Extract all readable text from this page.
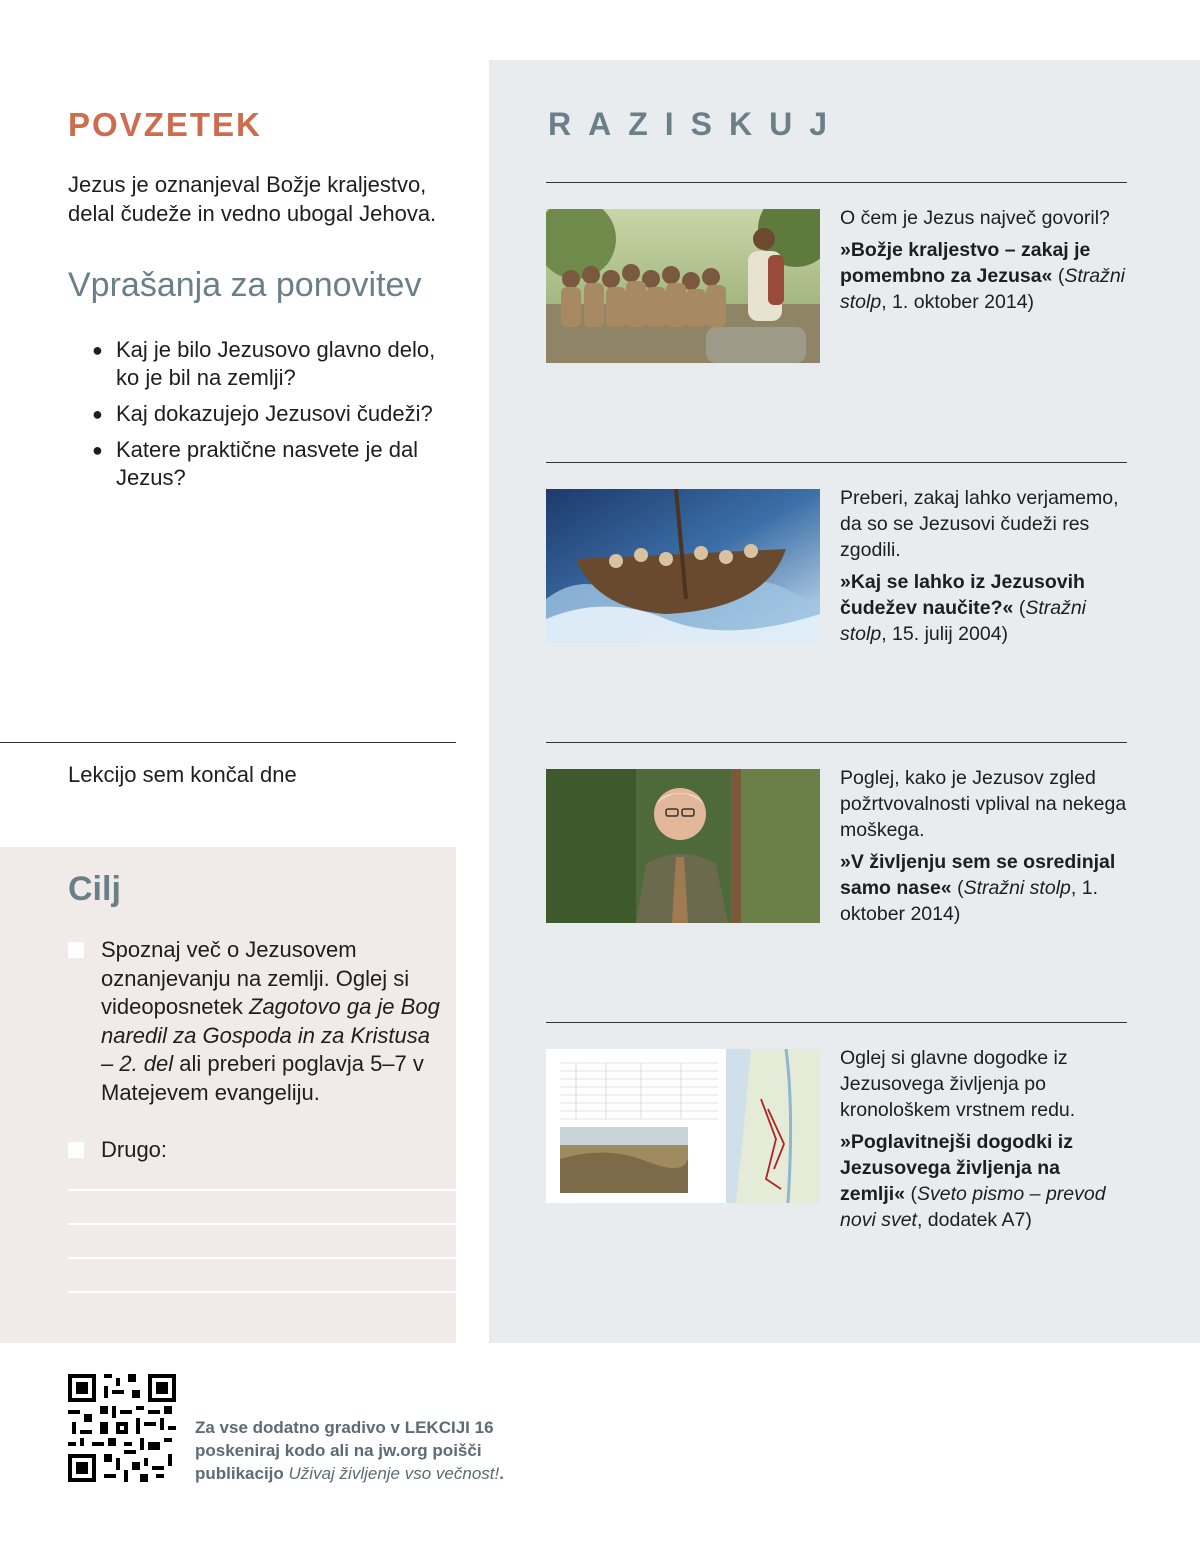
POVZETEK
Jezus je oznanjeval Božje kraljestvo,
delal čudeže in vedno ubogal Jehova.
Vprašanja za ponovitev
● Kaj je bilo Jezusovo glavno delo, ko je bil na zemlji?
● Kaj dokazujejo Jezusovi čudeži?
● Katere praktične nasvete je dal Jezus?
Lekcijo sem končal dne
Cilj
Spoznaj več o Jezusovem oznanjevanju na zemlji. Oglej si videoposnetek Zagotovo ga je Bog naredil za Gospoda in za Kristusa – 2. del ali preberi poglavja 5–7 v Matejevem evangeliju.
Drugo:
RAZISKUJ
O čem je Jezus največ govoril?
»Božje kraljestvo – zakaj je pomembno za Jezusa« (Stražni stolp, 1. oktober 2014)
Preberi, zakaj lahko verjamemo, da so se Jezusovi čudeži res zgodili.
»Kaj se lahko iz Jezusovih čudežev naučite?« (Stražni stolp, 15. julij 2004)
Poglej, kako je Jezusov zgled požrtvovalnosti vplival na nekega moškega.
»V življenju sem se osredinjal samo nase« (Stražni stolp, 1. oktober 2014)
Oglej si glavne dogodke iz Jezusovega življenja po kronološkem vrstnem redu.
»Poglavitnejši dogodki iz Jezusovega življenja na zemlji« (Sveto pismo – prevod novi svet, dodatek A7)
Za vse dodatno gradivo v LEKCIJI 16
poskeniraj kodo ali na jw.org poišči
publikacijo Uživaj življenje vso večnost!.
